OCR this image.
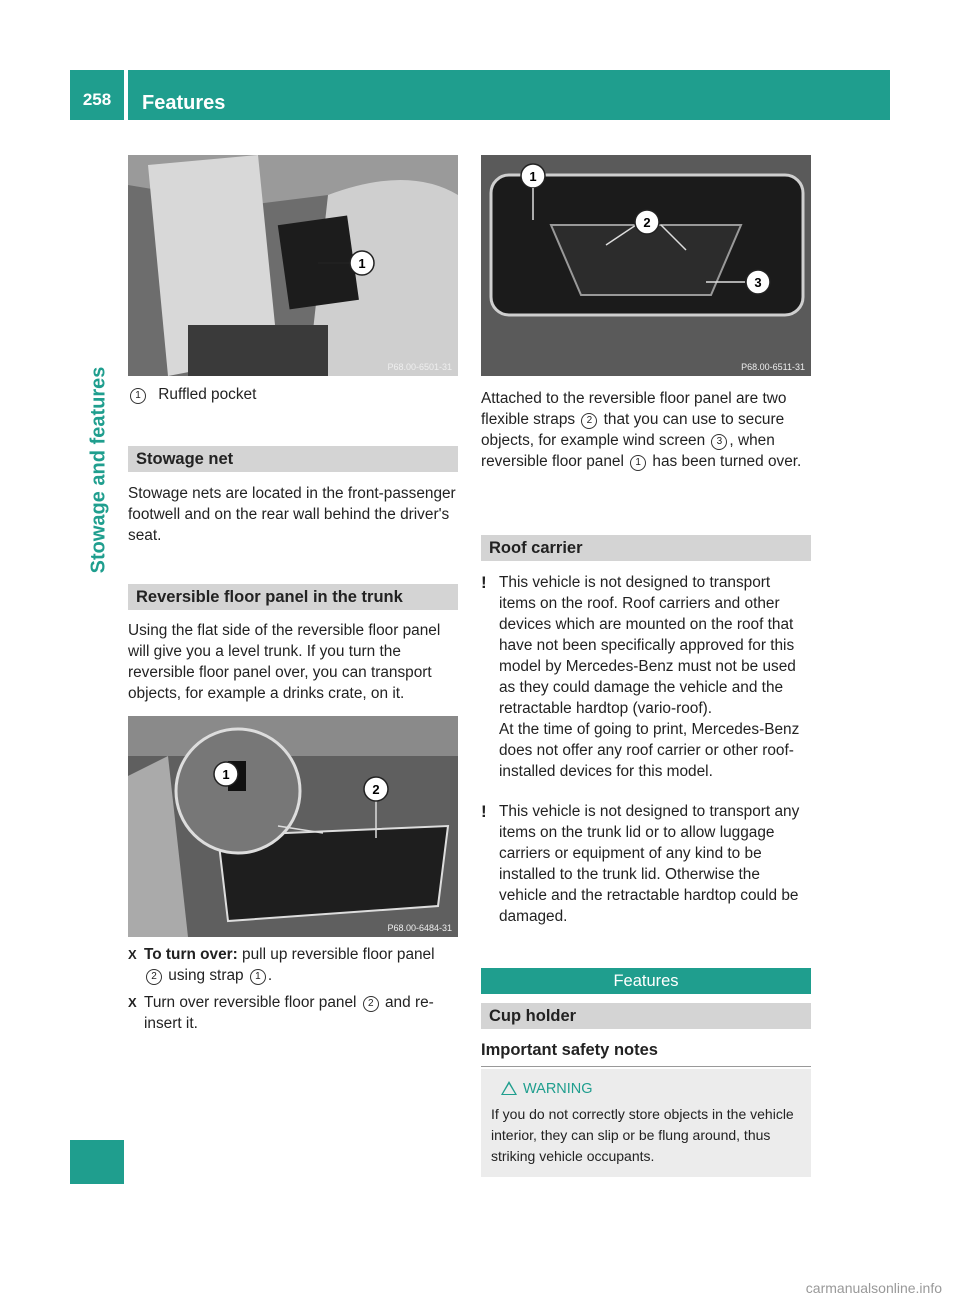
258	Features
Stowage and features
1
P68.00-6501-31
1 Ruffled pocket
Stowage net
Stowage nets are located in the front-passenger footwell and on the rear wall behind the driver's seat.
Reversible floor panel in the trunk
Using the flat side of the reversible floor panel will give you a level trunk. If you turn the reversible floor panel over, you can transport objects, for example a drinks crate, on it.
1
2
P68.00-6484-31
X To turn over: pull up reversible floor panel 2 using strap 1 .
X Turn over reversible floor panel 2 and re-insert it.
1
2
3
P68.00-6511-31
Attached to the reversible floor panel are two flexible straps 2 that you can use to secure objects, for example wind screen 3 , when reversible floor panel 1 has been turned over.
Roof carrier
! This vehicle is not designed to transport items on the roof. Roof carriers and other devices which are mounted on the roof that have not been specifically approved for this model by Mercedes-Benz must not be used as they could damage the vehicle and the retractable hardtop (vario-roof).
At the time of going to print, Mercedes-Benz does not offer any roof carrier or other roof-installed devices for this model.
! This vehicle is not designed to transport any items on the trunk lid or to allow luggage carriers or equipment of any kind to be installed to the trunk lid. Otherwise the vehicle and the retractable hardtop could be damaged.
Features
Cup holder
Important safety notes
WARNING
If you do not correctly store objects in the vehicle interior, they can slip or be flung around, thus striking vehicle occupants.
carmanualsonline.info
